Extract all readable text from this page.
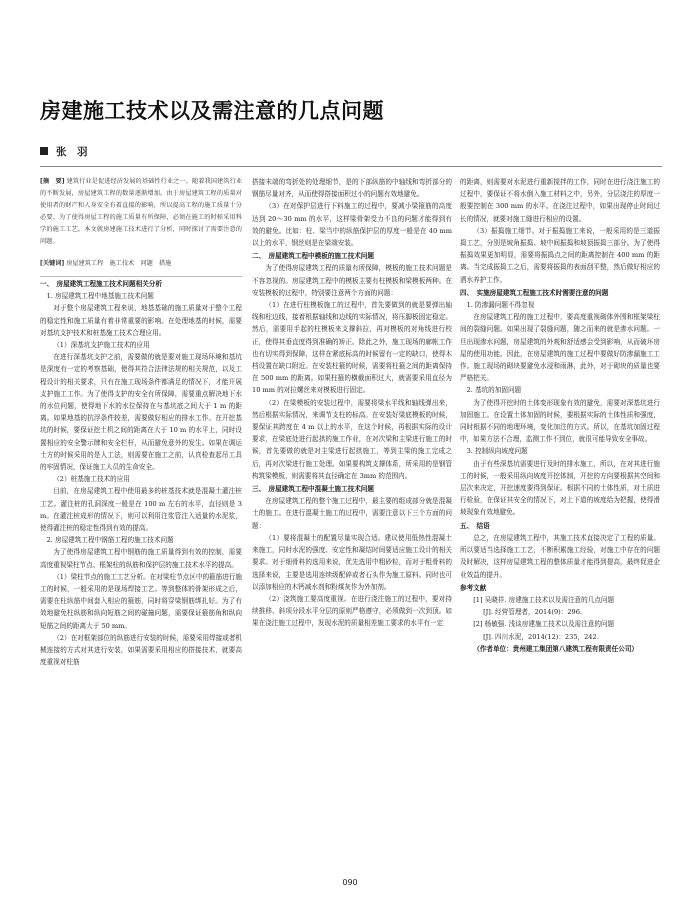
房建施工技术以及需注意的几点问题
张　羽

[摘　要] 建筑行业是促进经济发展的基础性行业之一。随着我国建筑行业的不断发展，房屋建筑工程的数量逐渐增加。由于房屋建筑工程的质量对使用者的财产和人身安全有着直接的影响，所以提高工程的施工质量十分必要。为了使得房屋工程的施工质量有所保障，必须在施工的时候采用科学的施工工艺。本文就房建施工技术进行了分析，同时探讨了需要注意的问题。

[关键词] 房屋建筑工程　施工技术　问题　措施

一、　房屋建筑工程施工技术问题相关分析

1. 房屋建筑工程中地基施工技术问题

对于整个房屋建筑工程来说，地基基础的施工质量对于整个工程的稳定性和施工质量有着非常重要的影响。在处理地基的时候，需要对基坑支护技术和桩基施工技术合理应用。

（1）深基坑支护施工技术的应用

在进行深基坑支护之前，需要做的就是要对施工现场环境和基坑是深度有一定的考察基础，使得其符合法律法规的相关规范，以及工程设计的相关要求，只有在施工现场条件都满足的情况下，才能开展支护施工工作。为了使得支护的安全有所保障，需要重点解决地下水的水位问题，使得地下水的水位保持在与基坑底之间大于 1 m 的距离。如果地基的抗浮条件较差，需要做好相应的排水工作。在开挖基坑的时候，要保证挖土机之间的距离在大于 10 m 的水平上，同时设置相应的安全警示牌和安全栏杆，从而避免意外的发生。如果在调运土方的时候采用的是人工法，则需要在施工之前，认真检查起吊工具的牢固情况，保证施工人员的生命安全。

（2）桩基施工技术的应用

目前，在房屋建筑工程中使用最多的桩基技术就是混凝土灌注桩工艺。灌注桩的孔洞深度一般是在 100 m 左右的水平，直径则是 3 m。在灌注桩成形的情况下，则可以利用注浆管注入适量的水泥浆，使得灌注桩的稳定性得到有效的提高。

2. 房屋建筑工程中钢筋工程的施工技术问题

为了使得房屋建筑工程中钢筋的施工质量得到有效的控制，需要高度重视梁柱节点、框架柱的纵筋和保护层的施工技术水平的提高。

（1）梁柱节点的施工工艺分析。在对梁柱节点区中的箍筋进行施工的时候，一般采用的是现场焊接工艺。等到整体的骨架形成之后，需要在柱纵筋中间套入相应的箍筋，同时将穿梁钢筋绑扎好。为了有效地避免柱纵筋和纵向短筋之间的碰撞问题，需要保证箍筋角和纵向短筋之间的距离大于 50 mm。

（2）在对框架部位的纵筋进行安装的时候，需要采用焊接或者机械连接的方式对其进行安装，如果需要采用相应的搭接技术，就要高度重视对柱筋

搭接末端的弯折处的处理细节，是的下部纵筋的中轴线和弯折部分的钢筋尽量对齐，从而使得搭接面积过小的问题有效地避免。

（3）在对保护层进行下料施工的过程中，要减小梁箍筋的高度达到 20～30 mm 的水平，这样梁骨架受力不良的问题才能得到有效的避免。比如：柱、梁当中的纵筋保护层的厚度一般是在 40 mm 以上的水平，钢丝则是在梁端安装。

二、　房屋建筑工程中模板的施工技术问题

为了使得房屋建筑工程的质量有所保障，模板的施工技术问题是不容忽视的。房屋建筑工程中的模板主要有柱模板和梁模板两种。在安装模板的过程中，特别要注意两个方面的问题：

（1）在进行柱模板施工的过程中，首先要做到的就是要弹出轴线和柱边线，接着根据轴线和边线的实际情况，将压脚板固定稳定。然后，需要用手起的柱模板来支撑斜拉，再对模板的对角线进行校正，使得其垂直度得到准确的矫正。除此之外，施工现场的廊帐工作也有切实得到保障，这样在紧底标高的时候留有一定的缺口，使得木档设置在缺口附近。在安装柱箍的时候，需要将柱箍之间的距离保持在 500 mm 的距离。如果柱箍的横截面积过大，就需要采用直径为 10 mm 的对拉螺丝来对模板进行固定。

（2）在梁模板的安装过程中，需要将梁水平线和轴线弹出来，然后根据实际情况，来调节支柱的标高。在安装好梁底模板的时候，要保证其跨度在 4 m 以上的水平，在这个时候，再根据实际的设计要求，在梁底处进行起拱的施工作业，在对次梁和主梁进行施工的时候，首先要做的就是对主梁进行起拱施工，等到主梁的施工完成之后，再对次梁进行施工处理。如果要构筑支撑体系，所采用的是钢管构筑梁模板，则需要将其直径确定在 3mm 的范围内。

三、　房屋建筑工程中混凝土施工技术问题

在房屋建筑工程的整个施工过程中，最主要的组成部分就是混凝土的施工。在进行混凝土施工的过程中，需要注意以下三个方面的问题：

（1）要将混凝土的配置尽量实现合适。建议使用低热性混凝土来施工，同时水泥的强度、安定性和凝结时间要适应施工设计的相关要求。对于细骨料的选用来说，优先选用中粗砂粒，而对于粗骨料的选择来说，主要是选用连续级配碎或者石头作为施工原料。同时也可以添加相应的木钙减水剂和粉煤灰作为外加剂。

（2）浇筑施工要高度重视。在进行浇注施工的过程中，要对持续推移、斜项分段水平分层的原则严格遵守，必须做到一次到顶。如果在浇注施工过程中，发现水泥的质量相差施工要求的水平有一定

的距离，则需要对水泥进行重新搅拌的工作，同时在进行浇注施工的过程中，要保证不将水倒入施工材料之中，另外，分层浇注的厚度一般要控制在 300 mm 的水平。在浇注过程中，如果出现停止时间过长的情况，就要对施工缝进行相应的设置。

（3）振捣施工细节。对于振捣施工来说，一般采用的是三道振捣工艺，分别是坡角振捣、坡中间振捣和坡顶振捣三部分。为了使得振捣效果更加明显，需要将振捣点之间的距离控制在 400 mm 的距离。当完成振捣工之后，需要将振捣的表面刮平整，然后做好相应的洒水养护工作。

四、　实施房屋建筑工程施工技术时需要注意的问题

1. 防渗漏问题不得忽视

在房屋建筑工程的施工过程中，要高度重视砌体外围和框架梁柱间的裂缝问题。如果出现了裂缝问题，随之而来的就是渗水问题。一旦出现渗水问题，房屋建筑的外观和舒适感会受到影响，从而破坏房屋的使用功能。因此，在房屋建筑的施工过程中要做好防渗漏施工工作。施工现场的砌块要避免水浸和雨淋，此外，对于砌块的质量也要严格把关。

2. 基坑的加固问题

为了使得开挖时的土体变形现象有效的避免，需要对深基坑进行加固施工。在设置土体加固的时候，要根据实际的土体性质和强度，同时根据不同的地理环境，变化加注的方式。所以，在基坑加固过程中，如果方法不合理，监测工作不到位，就很可能导致安全事故。

3. 控制纵向坡度问题

由于有些深基坑需要进行及时的排水施工，所以，在对其进行施工的时候，一般采用纵向坡度开挖体制，开挖的方向要根据其空间和层次来决定，开挖速度要得到保证。根据不同的土体性质，对土质进行检验，在保证其安全的情况下，对上下道的坡度给为把握，使得滑坡现象有效地避免。

五、　结语

总之，在房屋建筑工程中，其施工技术直接决定了工程的质量。所以要适当选择施工工艺，不断积累施工经验，对施工中存在的问题及时解决，这样房屋建筑工程的整体质量才能得到提高，最终促进企业效益的提升。

参考文献

[1] 吴晓祥. 房建施工技术以及需注意的几点问题

[J]. 经营管理者，2014(9)：296.

[2] 杨敏强. 浅谈房建施工技术以及需注意的问题

[J]. 四川水泥，2014(12)：235，242.

（作者单位：贵州建工集团第八建筑工程有限责任公司）

090
